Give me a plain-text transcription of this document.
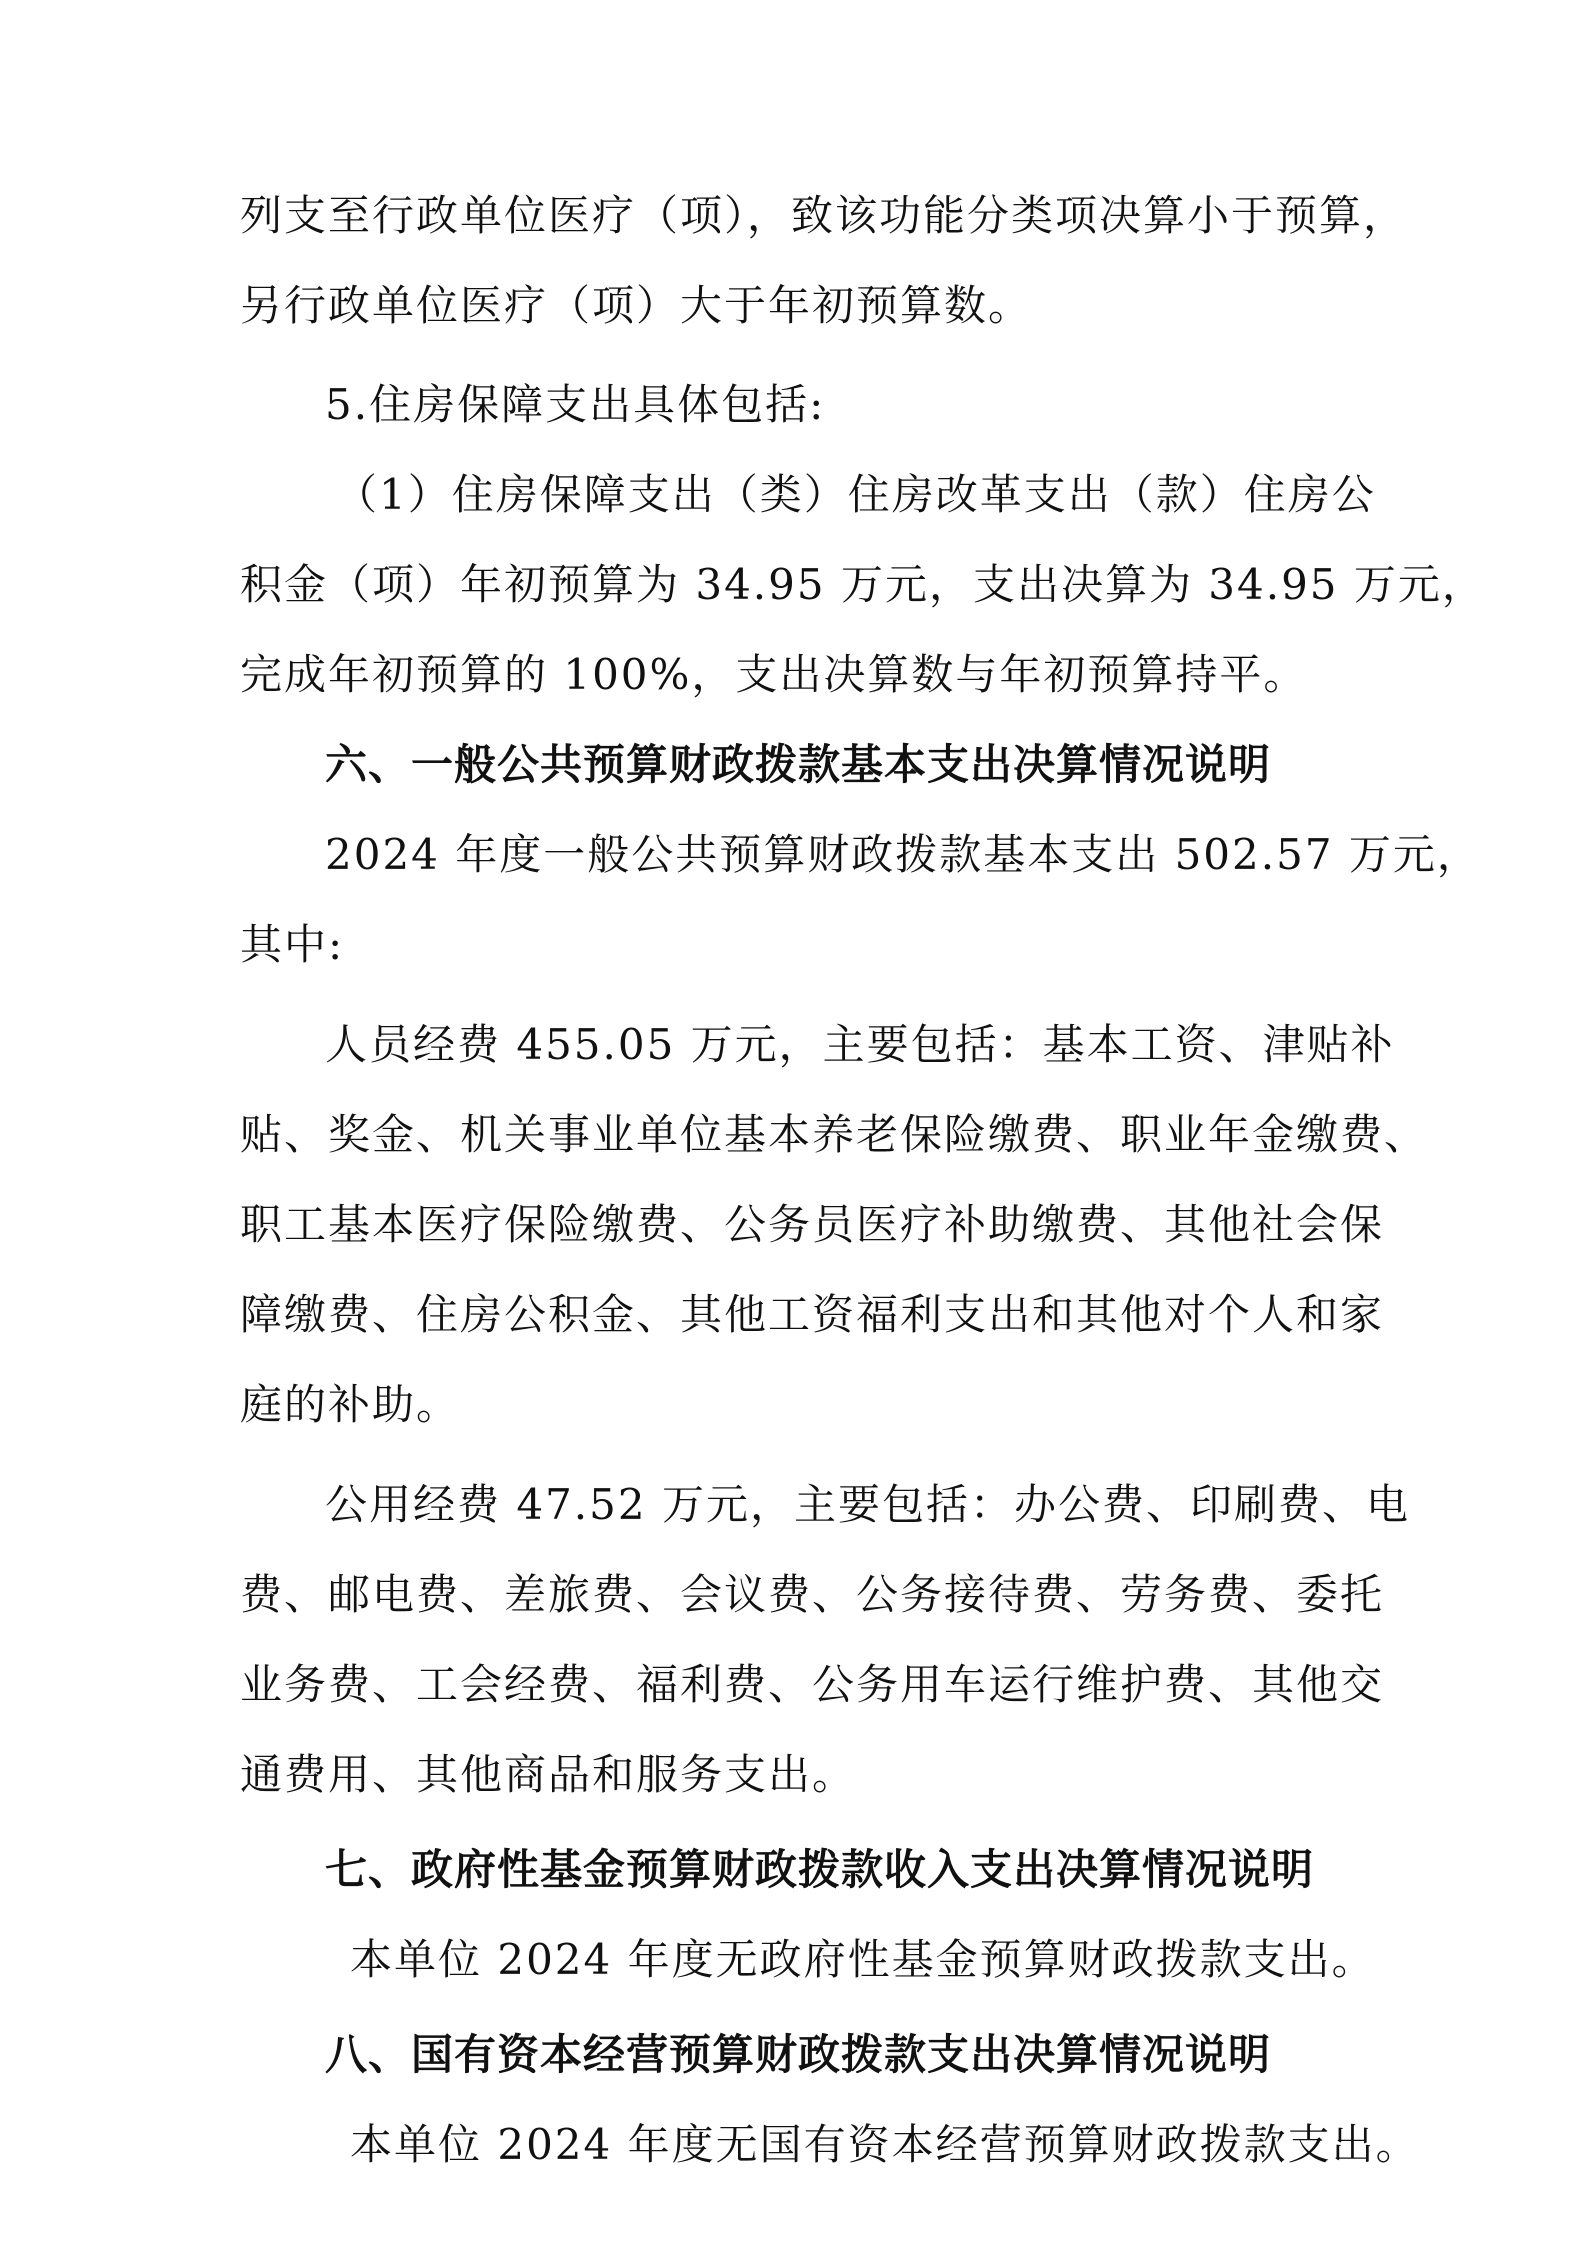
列支至行政单位医疗（项），致该功能分类项决算小于预算，
另行政单位医疗（项）大于年初预算数。
5.住房保障支出具体包括:
（1）住房保障支出（类）住房改革支出（款）住房公
积金（项）年初预算为 34.95 万元，支出决算为 34.95 万元，
完成年初预算的 100%，支出决算数与年初预算持平。
六、一般公共预算财政拨款基本支出决算情况说明
2024 年度一般公共预算财政拨款基本支出 502.57 万元，
其中:
人员经费 455.05 万元，主要包括：基本工资、津贴补
贴、奖金、机关事业单位基本养老保险缴费、职业年金缴费、
职工基本医疗保险缴费、公务员医疗补助缴费、其他社会保
障缴费、住房公积金、其他工资福利支出和其他对个人和家
庭的补助。
公用经费 47.52 万元，主要包括：办公费、印刷费、电
费、邮电费、差旅费、会议费、公务接待费、劳务费、委托
业务费、工会经费、福利费、公务用车运行维护费、其他交
通费用、其他商品和服务支出。
七、政府性基金预算财政拨款收入支出决算情况说明
本单位 2024 年度无政府性基金预算财政拨款支出。
八、国有资本经营预算财政拨款支出决算情况说明
本单位 2024 年度无国有资本经营预算财政拨款支出。
